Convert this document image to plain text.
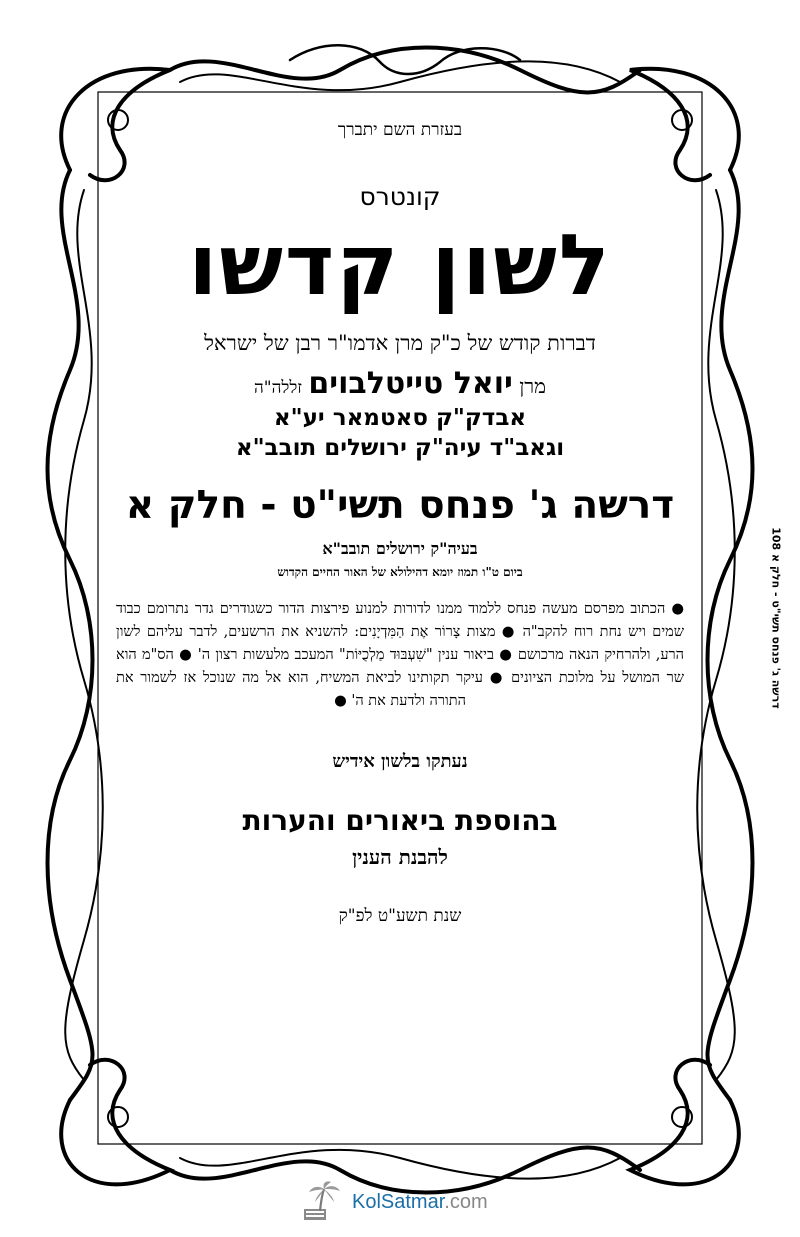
בעזרת השם יתברך
קונטרס
לשון קדשו
דברות קודש של כ"ק מרן אדמו"ר רבן של ישראל
מרן יואל טייטלבוים זללה"ה
אבדק"ק סאטמאר יע"א
וגאב"ד עיה"ק ירושלים תובב"א
דרשה ג' פנחס תשי"ט - חלק א
בעיה"ק ירושלים תובב"א
ביום ט"ו תמוז יומא דהילולא של האור החיים הקדוש
● הכתוב מפרסם מעשה פנחס ללמוד ממנו לדורות למנוע פירצות הדור כשגודרים גדר נתרומם כבוד שמים ויש נחת רוח להקב"ה ● מצות צָרוֹר אֶת הַמִּדְיָנִים: להשניא את הרשעים, לדבר עליהם לשון הרע, ולהרחיק הנאה מרכושם ● ביאור ענין "שִׁעְבּוּד מַלְכֻיּוֹת" המעכב מלעשות רצון ה' ● הס"מ הוא שר המושל על מלוכת הציונים ● עיקר תקותינו לביאת המשיח, הוא אל מה שנוכל אז לשמור את התורה ולדעת את ה' ●
נעתקו בלשון אידיש
בהוספת ביאורים והערות
להבנת הענין
שנת תשע"ט לפ"ק
דרשה ג' פנחס תשי"ט - חלק א 108
KolSatmar.com
